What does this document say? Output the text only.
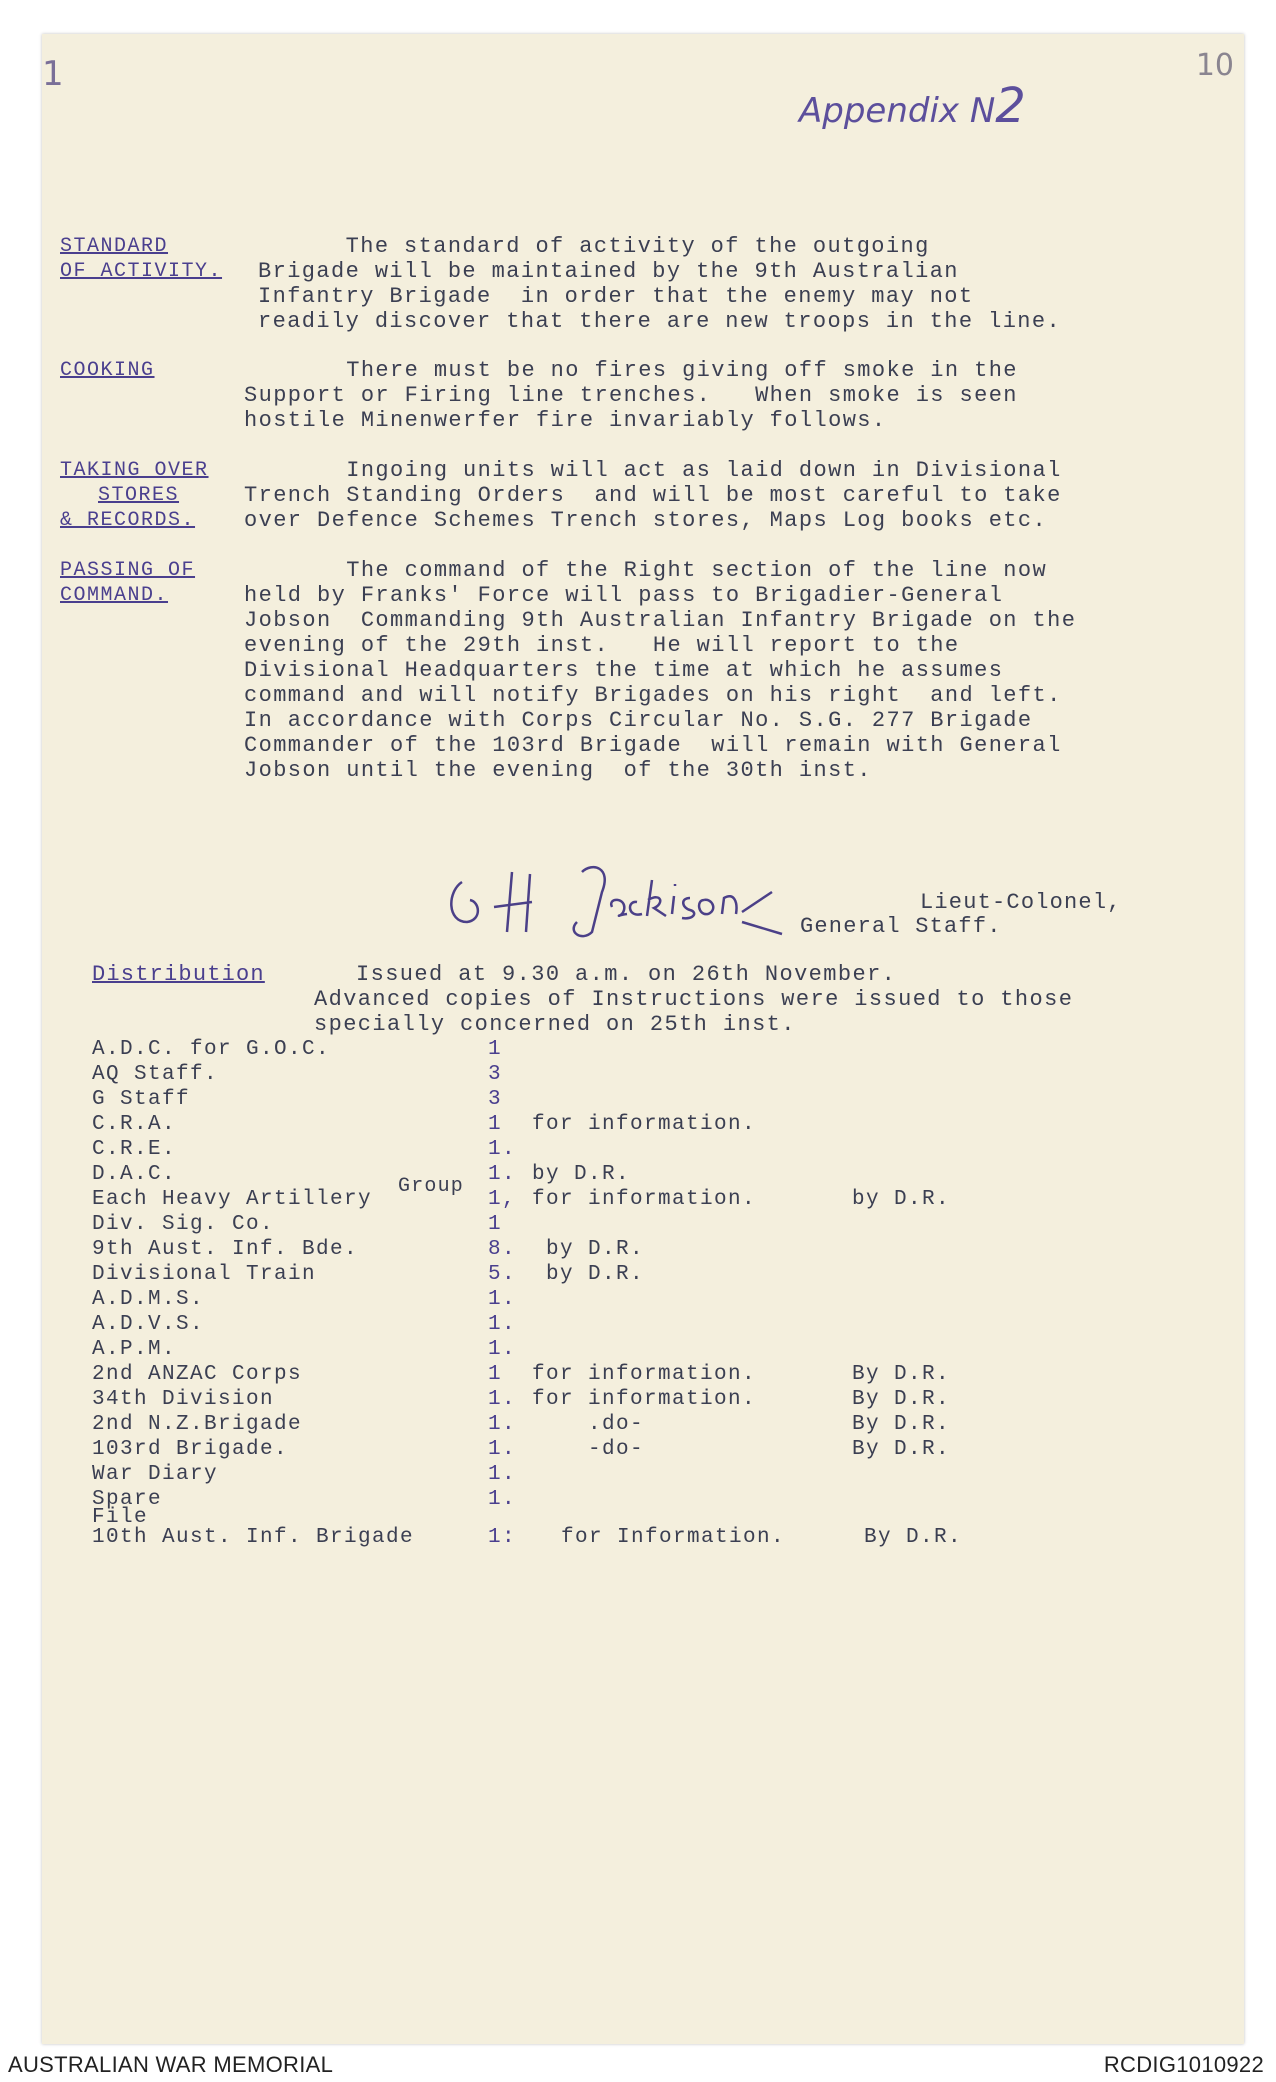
1	10
Appendix N2
STANDARD
OF ACTIVITY.
The standard of activity of the outgoing
Brigade will be maintained by the 9th Australian
Infantry Brigade  in order that the enemy may not
readily discover that there are new troops in the line.
COOKING	There must be no fires giving off smoke in the
Support or Firing line trenches.   When smoke is seen
hostile Minenwerfer fire invariably follows.
TAKING OVER
STORES
& RECORDS.
Ingoing units will act as laid down in Divisional
Trench Standing Orders  and will be most careful to take
over Defence Schemes Trench stores, Maps Log books etc.
PASSING OF
COMMAND.
The command of the Right section of the line now
held by Franks' Force will pass to Brigadier-General
Jobson  Commanding 9th Australian Infantry Brigade on the
evening of the 29th inst.   He will report to the
Divisional Headquarters the time at which he assumes
command and will notify Brigades on his right  and left.
In accordance with Corps Circular No. S.G. 277 Brigade
Commander of the 103rd Brigade  will remain with General
Jobson until the evening  of the 30th inst.
Lieut-Colonel,
General Staff.
Distribution	Issued at 9.30 a.m. on 26th November.
Advanced copies of Instructions were issued to those
specially concerned on 25th inst.
Group
A.D.C. for G.O.C.	1
AQ Staff.	3
G Staff	3
C.R.A.	1 for information.
C.R.E.	1.
D.A.C.	1. by D.R.
Each Heavy Artillery	1, for information.	by D.R.
Div. Sig. Co.	1
9th Aust. Inf. Bde.	8. by D.R.
Divisional Train	5. by D.R.
A.D.M.S.	1.
A.D.V.S.	1.
A.P.M.	1.
2nd ANZAC Corps	1 for information.	By D.R.
34th Division	1. for information.	By D.R.
2nd N.Z.Brigade	1. .do-	By D.R.
103rd Brigade.	1. -do-	By D.R.
War Diary	1.
Spare	1.
File
10th Aust. Inf. Brigade	1: for Information.	By D.R.
AUSTRALIAN WAR MEMORIAL	RCDIG1010922
